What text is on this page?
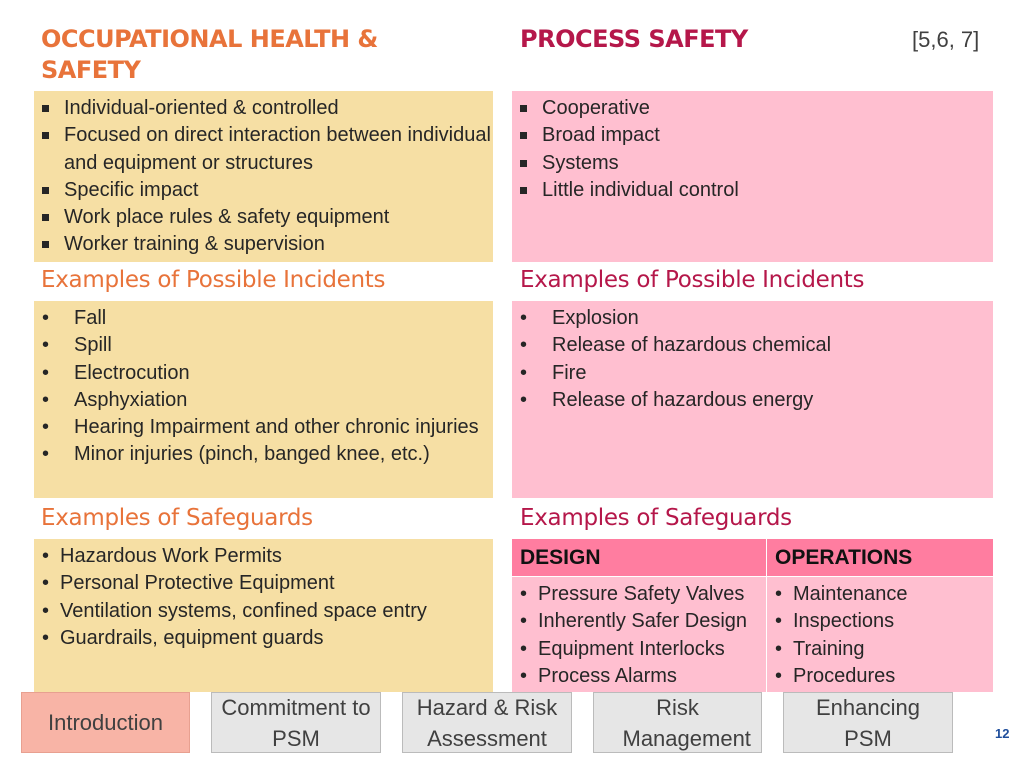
OCCUPATIONAL HEALTH & SAFETY
PROCESS SAFETY	[5,6, 7]
Individual-oriented & controlled
Focused on direct interaction between individual and equipment or structures
Specific impact
Work place rules & safety equipment
Worker training & supervision
Cooperative
Broad impact
Systems
Little individual control
Examples of Possible Incidents	Examples of Possible Incidents
• Fall
• Spill
• Electrocution
• Asphyxiation
• Hearing Impairment and other chronic injuries
• Minor injuries (pinch, banged knee, etc.)
• Explosion
• Release of hazardous chemical
• Fire
• Release of hazardous energy
Examples of Safeguards	Examples of Safeguards
• Hazardous Work Permits
• Personal Protective Equipment
• Ventilation systems, confined space entry
• Guardrails, equipment guards
DESIGN	OPERATIONS
• Pressure Safety Valves
• Inherently Safer Design
• Equipment Interlocks
• Process Alarms
• Maintenance
• Inspections
• Training
• Procedures
Introduction
Commitment to PSM
Hazard & Risk Assessment
Risk Management
Enhancing PSM	12
